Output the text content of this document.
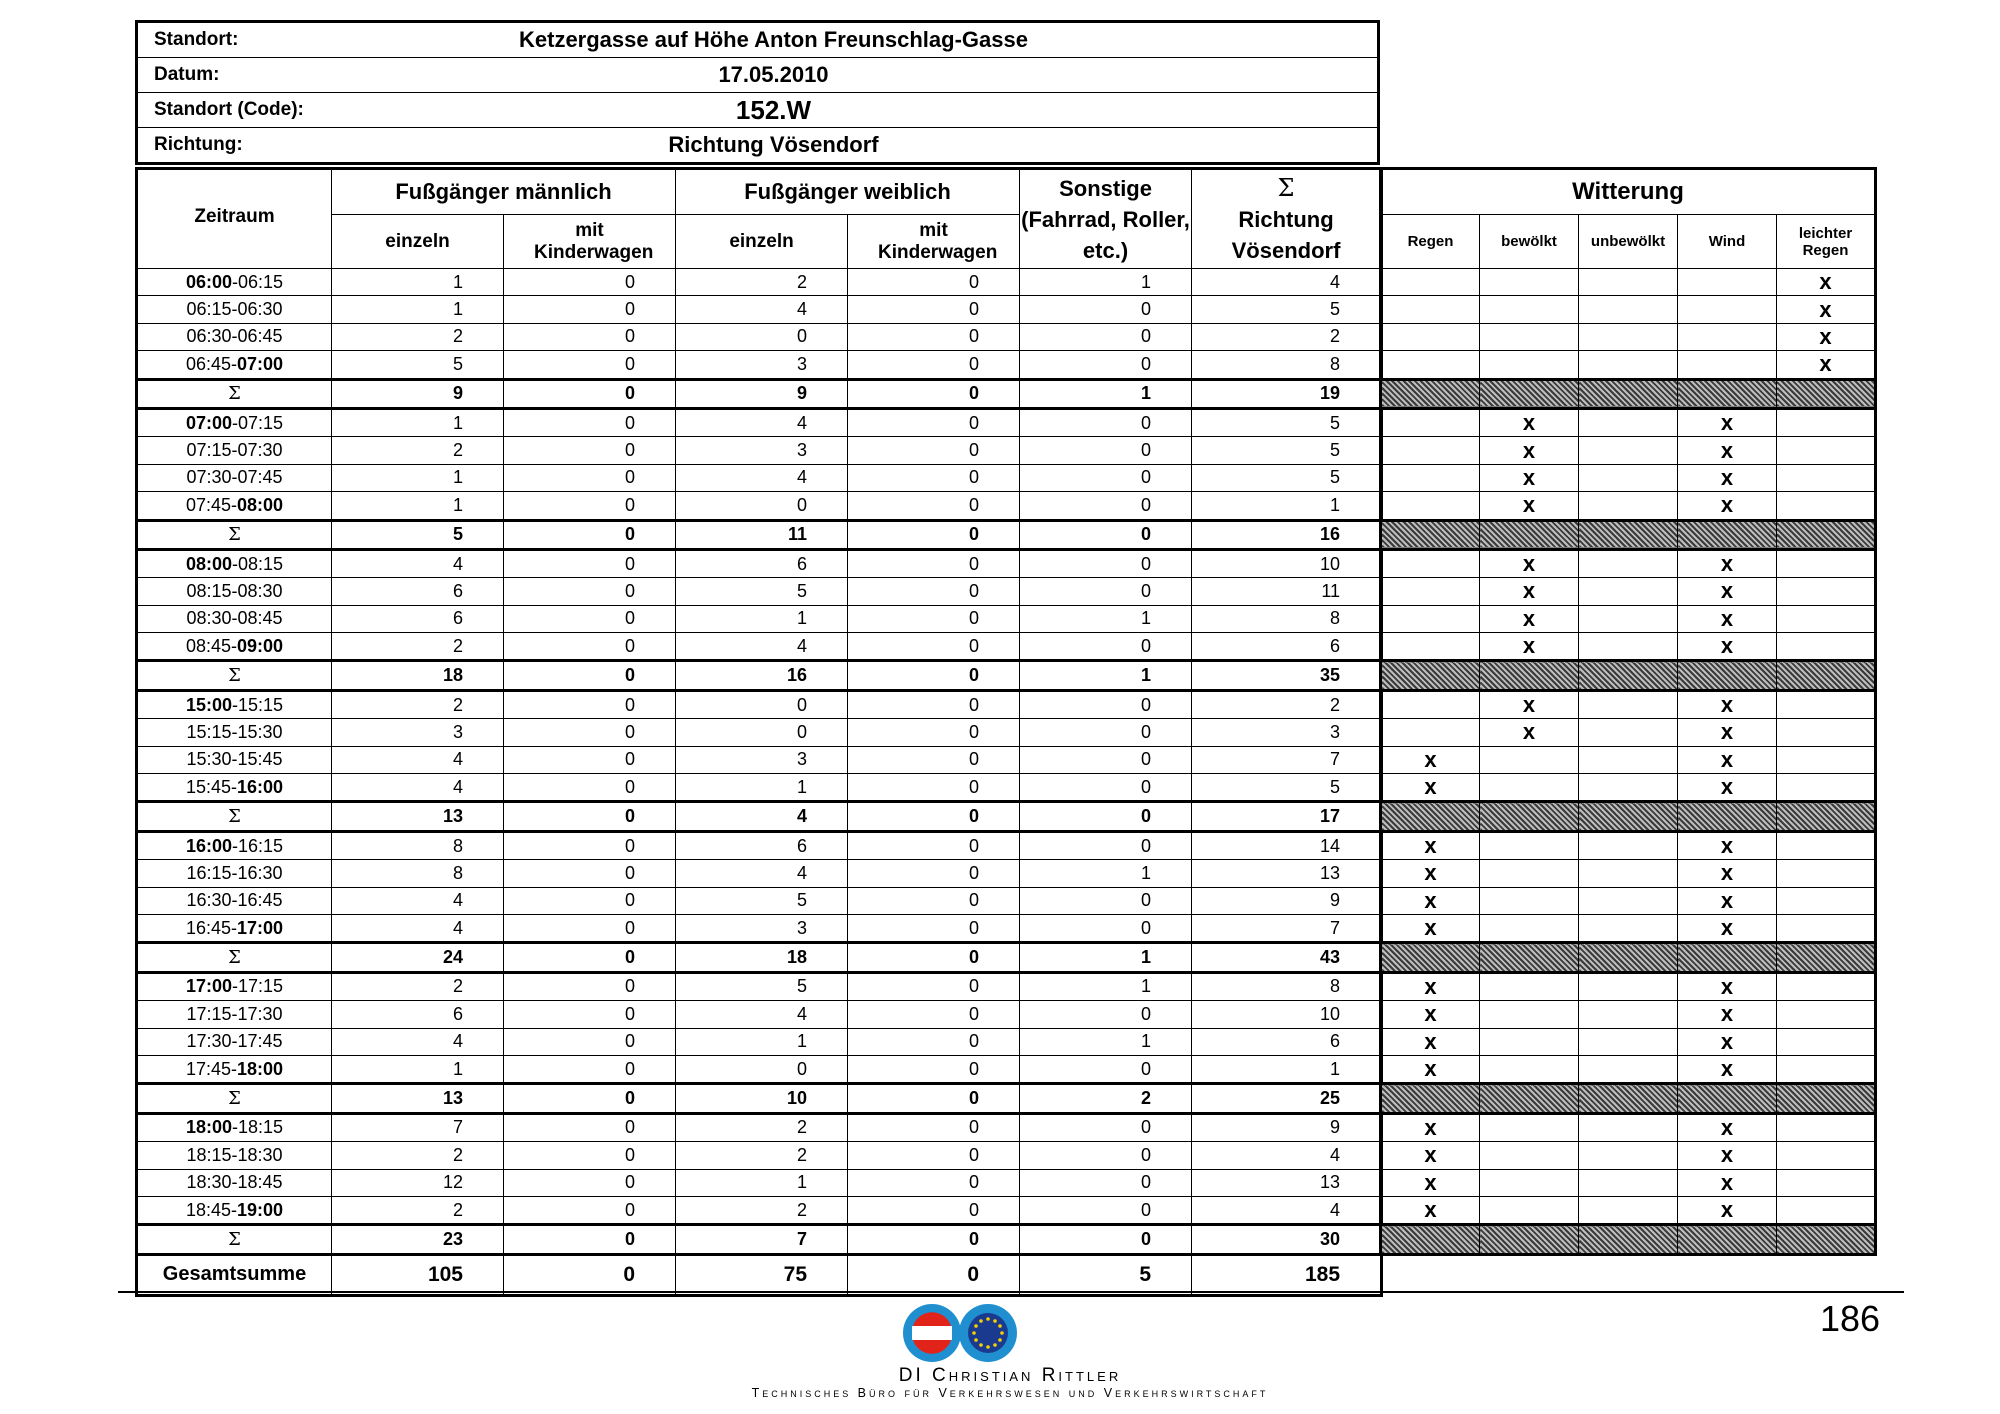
Standort:	Ketzergasse auf Höhe Anton Freunschlag-Gasse
Datum:	17.05.2010
Standort (Code):	152.W
Richtung:	Richtung Vösendorf
Zeitraum	Fußgänger männlich		Fußgänger weiblich		Sonstige (Fahrrad, Roller, etc.)	Σ
Richtung Vösendorf

	einzeln	mit Kinderwagen	einzeln	mit Kinderwagen		
06:00-06:15	1	0	2	0	1	4
06:15-06:30	1	0	4	0	0	5
06:30-06:45	2	0	0	0	0	2
06:45-07:00	5	0	3	0	0	8
Σ	9	0	9	0	1	19
07:00-07:15	1	0	4	0	0	5
07:15-07:30	2	0	3	0	0	5
07:30-07:45	1	0	4	0	0	5
07:45-08:00	1	0	0	0	0	1
Σ	5	0	11	0	0	16
08:00-08:15	4	0	6	0	0	10
08:15-08:30	6	0	5	0	0	11
08:30-08:45	6	0	1	0	1	8
08:45-09:00	2	0	4	0	0	6
Σ	18	0	16	0	1	35
15:00-15:15	2	0	0	0	0	2
15:15-15:30	3	0	0	0	0	3
15:30-15:45	4	0	3	0	0	7
15:45-16:00	4	0	1	0	0	5
Σ	13	0	4	0	0	17
16:00-16:15	8	0	6	0	0	14
16:15-16:30	8	0	4	0	1	13
16:30-16:45	4	0	5	0	0	9
16:45-17:00	4	0	3	0	0	7
Σ	24	0	18	0	1	43
17:00-17:15	2	0	5	0	1	8
17:15-17:30	6	0	4	0	0	10
17:30-17:45	4	0	1	0	1	6
17:45-18:00	1	0	0	0	0	1
Σ	13	0	10	0	2	25
18:00-18:15	7	0	2	0	0	9
18:15-18:30	2	0	2	0	0	4
18:30-18:45	12	0	1	0	0	13
18:45-19:00	2	0	2	0	0	4
Σ	23	0	7	0	0	30
Gesamtsumme	105	0	75	0	5	185
Witterung				
Regen	bewölkt	unbewölkt	Wind	leichter Regen
				x
				x
				x
				x

	x		x	
	x		x	
	x		x	
	x		x	

	x		x	
	x		x	
	x		x	
	x		x	

	x		x	
	x		x	
x			x	
x			x	

x			x	
x			x	
x			x	
x			x	

x			x	
x			x	
x			x	
x			x	

x			x	
x			x	
x			x	
x			x	

186
DI Christian Rittler
Technisches Büro für Verkehrswesen und Verkehrswirtschaft
